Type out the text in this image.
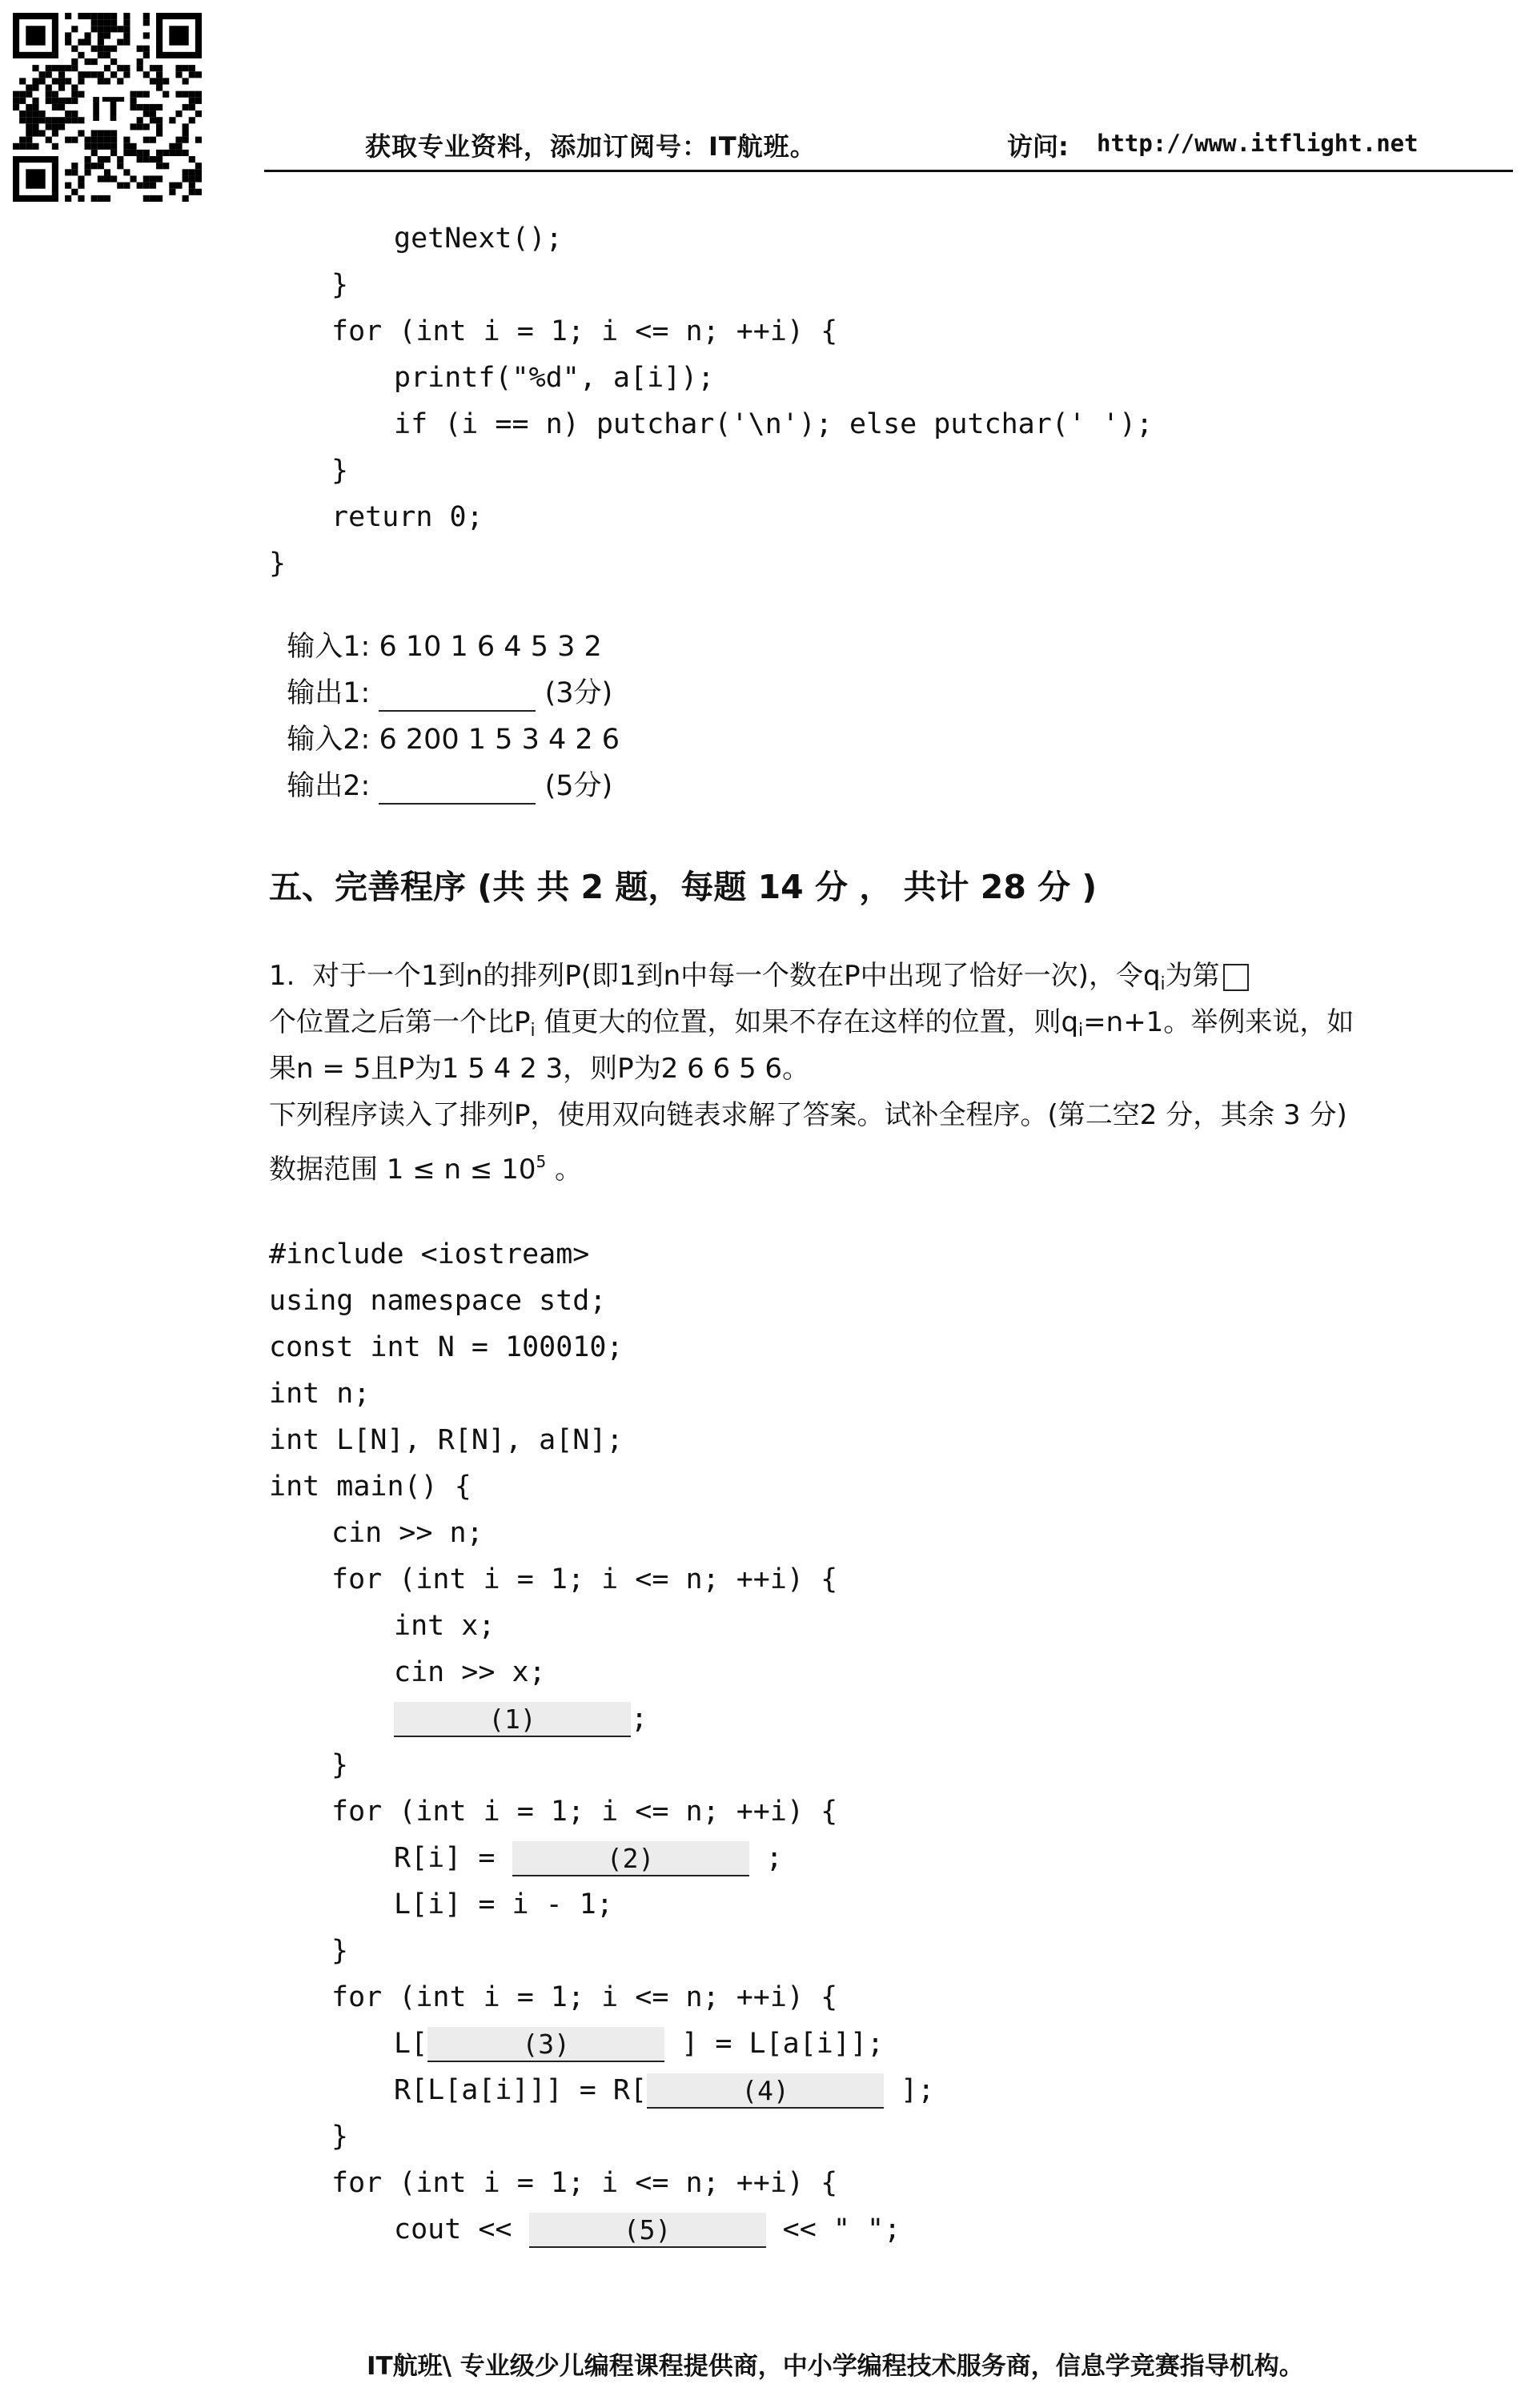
IT
获取专业资料，添加订阅号：IT航班。	访问: http://www.itflight.net
getNext();
}
for (int i = 1; i <= n; ++i) {
printf("%d", a[i]);
if (i == n) putchar('\n'); else putchar(' ');
}
return 0;
}

输入1: 6 10 1 6 4 5 3 2

输出1:	(3分)

输入2: 6 200 1 5 3 4 2 6

输出2:	(5分)

五、完善程序 (共 共 2 题，每题 14 分 ， 共计 28 分 )
1.  对于一个1到n的排列P(即1到n中每一个数在P中出现了恰好一次)，令$q_i$为第
个位置之后第一个比$P_i$ 值更大的位置，如果不存在这样的位置，则$q_i=n+1$。举例来说，如
果n = 5且P为1 5 4 2 3，则P为2 6 6 5 6。
下列程序读入了排列P，使用双向链表求解了答案。试补全程序。(第二空2 分，其余 3 分)
数据范围 $1 \le n \le 10^5$ 。
#include <iostream>
using namespace std;
const int N = 100010;
int n;
int L[N], R[N], a[N];
int main() {
cin >> n;
for (int i = 1; i <= n; ++i) {
int x;
cin >> x;
(1)	;
}
for (int i = 1; i <= n; ++i) {
R[i] =	(2)	;
L[i] = i - 1;
}
for (int i = 1; i <= n; ++i) {
L[	(3)	] = L[a[i]];
R[L[a[i]]] = R[	(4)	];
}
for (int i = 1; i <= n; ++i) {
cout <<	(5)	<< " ";
IT航班\ 专业级少儿编程课程提供商，中小学编程技术服务商，信息学竞赛指导机构。
